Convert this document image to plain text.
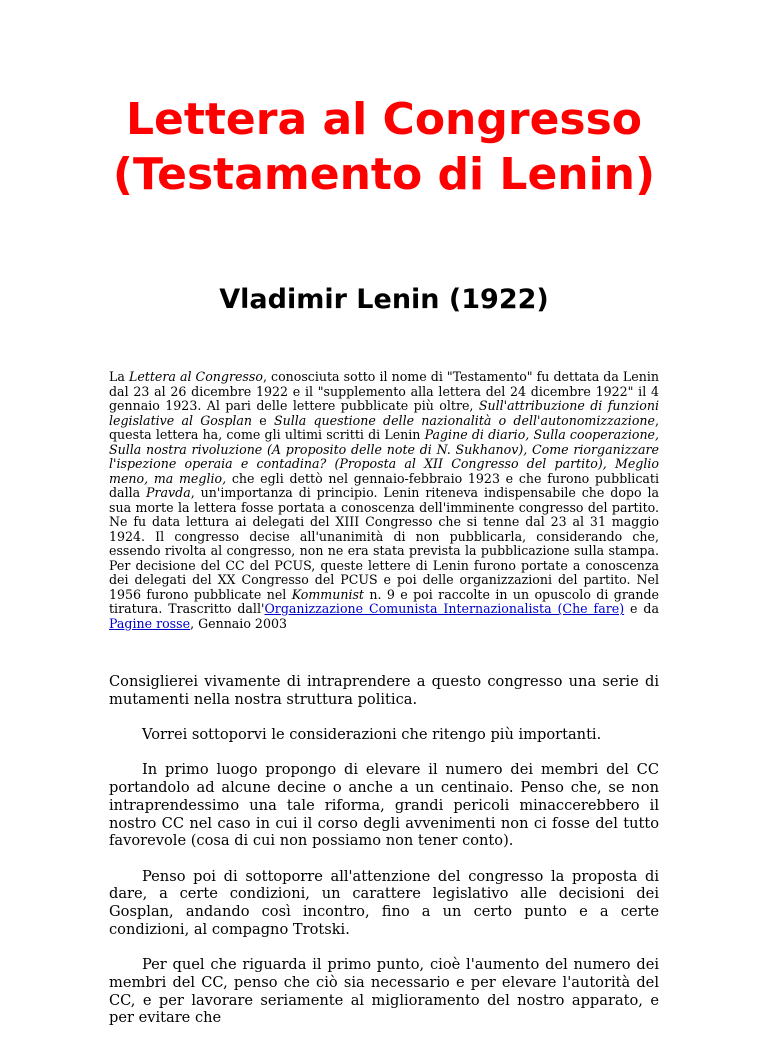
Lettera al Congresso (Testamento di Lenin)
Vladimir Lenin (1922)

La Lettera al Congresso, conosciuta sotto il nome di "Testamento" fu dettata da Lenin dal 23 al 26 dicembre 1922 e il "supplemento alla lettera del 24 dicembre 1922" il 4 gennaio 1923. Al pari delle lettere pubblicate più oltre, Sull'attribuzione di funzioni legislative al Gosplan e Sulla questione delle nazionalità o dell'autonomizzazione, questa lettera ha, come gli ultimi scritti di Lenin Pagine di diario, Sulla cooperazione, Sulla nostra rivoluzione (A proposito delle note di N. Sukhanov), Come riorganizzare l'ispezione operaia e contadina? (Proposta al XII Congresso del partito), Meglio meno, ma meglio, che egli dettò nel gennaio-febbraio 1923 e che furono pubblicati dalla Pravda, un'importanza di principio. Lenin riteneva indispensabile che dopo la sua morte la lettera fosse portata a conoscenza dell'imminente congresso del partito. Ne fu data lettura ai delegati del XIII Congresso che si tenne dal 23 al 31 maggio 1924. Il congresso decise all'unanimità di non pubblicarla, considerando che, essendo rivolta al congresso, non ne era stata prevista la pubblicazione sulla stampa. Per decisione del CC del PCUS, queste lettere di Lenin furono portate a conoscenza dei delegati del XX Congresso del PCUS e poi delle organizzazioni del partito. Nel 1956 furono pubblicate nel Kommunist n. 9 e poi raccolte in un opuscolo di grande tiratura. Trascritto dall'Organizzazione Comunista Internazionalista (Che fare) e da Pagine rosse, Gennaio 2003

Consiglierei vivamente di intraprendere a questo congresso una serie di mutamenti nella nostra struttura politica.

Vorrei sottoporvi le considerazioni che ritengo più importanti.

In primo luogo propongo di elevare il numero dei membri del CC portandolo ad alcune decine o anche a un centinaio. Penso che, se non intraprendessimo una tale riforma, grandi pericoli minaccerebbero il nostro CC nel caso in cui il corso degli avvenimenti non ci fosse del tutto favorevole (cosa di cui non possiamo non tener conto).

Penso poi di sottoporre all'attenzione del congresso la proposta di dare, a certe condizioni, un carattere legislativo alle decisioni dei Gosplan, andando così incontro, fino a un certo punto e a certe condizioni, al compagno Trotski.

Per quel che riguarda il primo punto, cioè l'aumento del numero dei membri del CC, penso che ciò sia necessario e per elevare l'autorità del CC, e per lavorare seriamente al miglioramento del nostro apparato, e per evitare che
